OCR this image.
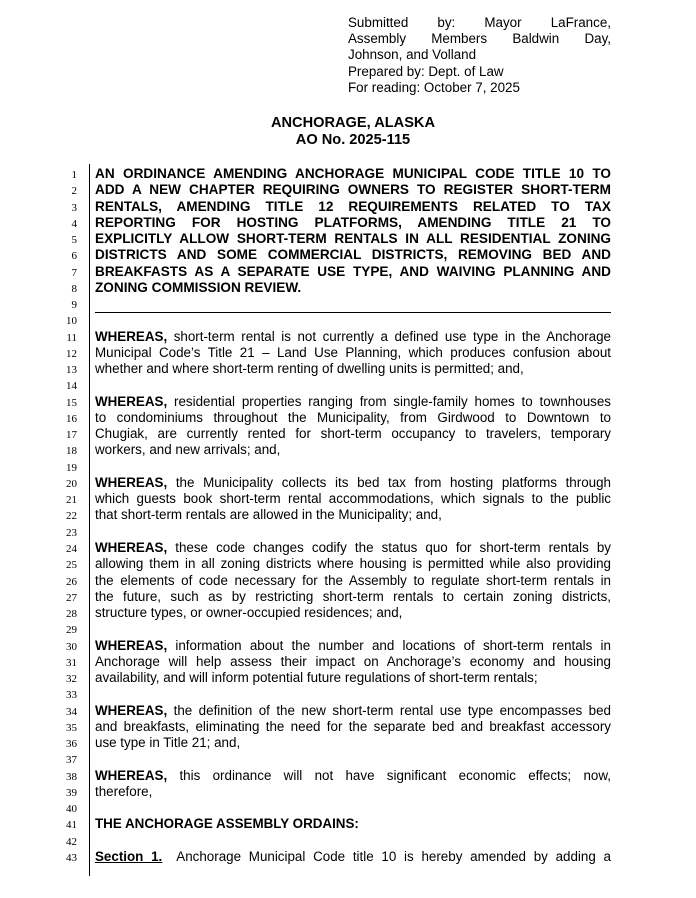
Submitted by: Mayor LaFrance,
Assembly Members Baldwin Day,
Johnson, and Volland
Prepared by: Dept. of Law
For reading: October 7, 2025
ANCHORAGE, ALASKA
AO No. 2025-115
1 AN ORDINANCE AMENDING ANCHORAGE MUNICIPAL CODE TITLE 10 TO
2 ADD A NEW CHAPTER REQUIRING OWNERS TO REGISTER SHORT-TERM
3 RENTALS, AMENDING TITLE 12 REQUIREMENTS RELATED TO TAX
4 REPORTING FOR HOSTING PLATFORMS, AMENDING TITLE 21 TO
5 EXPLICITLY ALLOW SHORT-TERM RENTALS IN ALL RESIDENTIAL ZONING
6 DISTRICTS AND SOME COMMERCIAL DISTRICTS, REMOVING BED AND
7 BREAKFASTS AS A SEPARATE USE TYPE, AND WAIVING PLANNING AND
8 ZONING COMMISSION REVIEW.
9
10
11 WHEREAS, short-term rental is not currently a defined use type in the Anchorage
12 Municipal Code’s Title 21 – Land Use Planning, which produces confusion about
13 whether and where short-term renting of dwelling units is permitted; and,
14
15 WHEREAS, residential properties ranging from single-family homes to townhouses
16 to condominiums throughout the Municipality, from Girdwood to Downtown to
17 Chugiak, are currently rented for short-term occupancy to travelers, temporary
18 workers, and new arrivals; and,
19
20 WHEREAS, the Municipality collects its bed tax from hosting platforms through
21 which guests book short-term rental accommodations, which signals to the public
22 that short-term rentals are allowed in the Municipality; and,
23
24 WHEREAS, these code changes codify the status quo for short-term rentals by
25 allowing them in all zoning districts where housing is permitted while also providing
26 the elements of code necessary for the Assembly to regulate short-term rentals in
27 the future, such as by restricting short-term rentals to certain zoning districts,
28 structure types, or owner-occupied residences; and,
29
30 WHEREAS, information about the number and locations of short-term rentals in
31 Anchorage will help assess their impact on Anchorage’s economy and housing
32 availability, and will inform potential future regulations of short-term rentals;
33
34 WHEREAS, the definition of the new short-term rental use type encompasses bed
35 and breakfasts, eliminating the need for the separate bed and breakfast accessory
36 use type in Title 21; and,
37
38 WHEREAS, this ordinance will not have significant economic effects; now,
39 therefore,
40
41 THE ANCHORAGE ASSEMBLY ORDAINS:
42
43 Section 1. Anchorage Municipal Code title 10 is hereby amended by adding a
